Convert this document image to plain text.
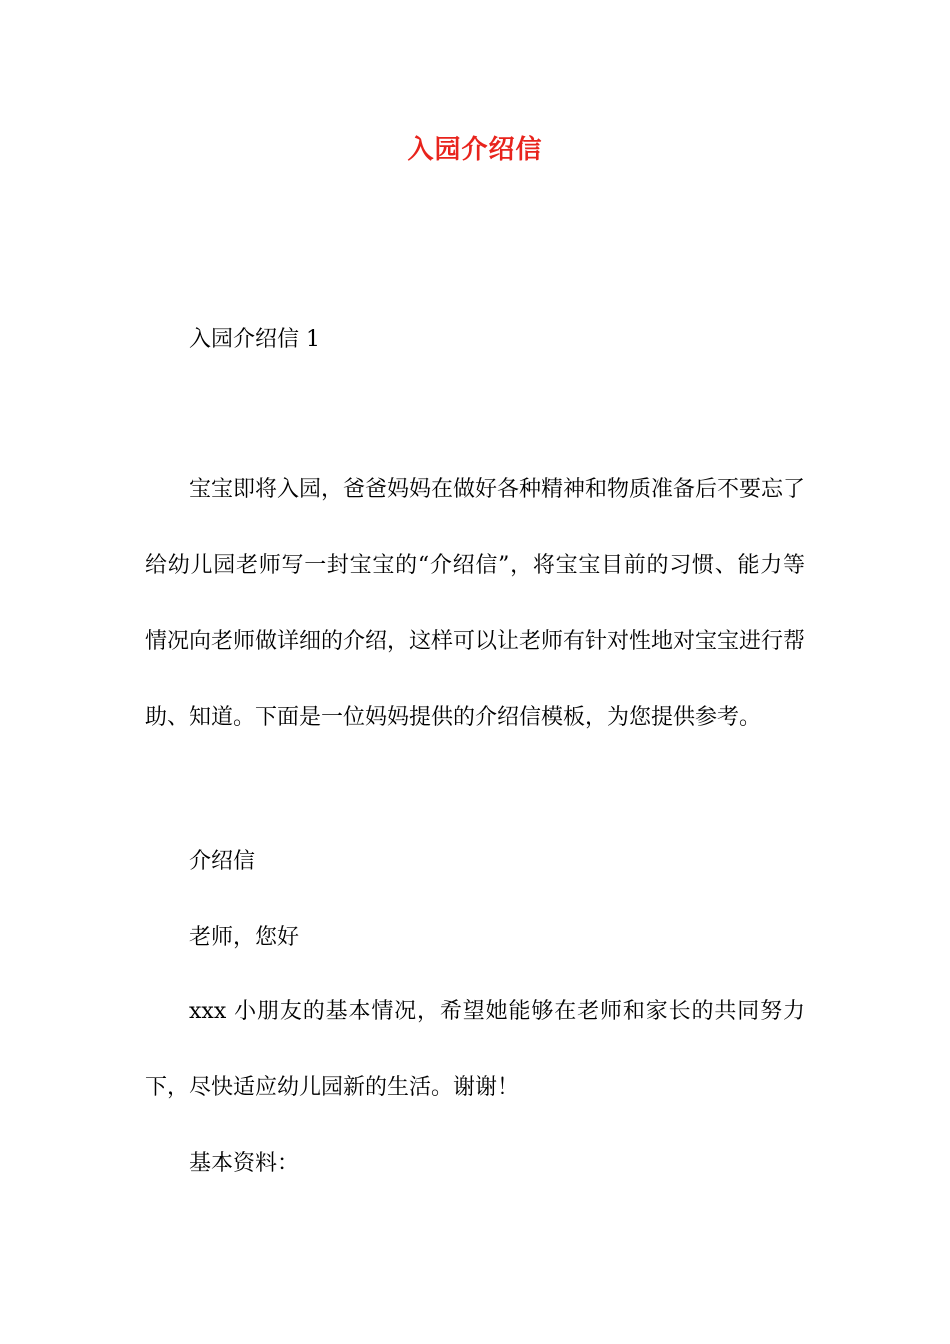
入园介绍信
入园介绍信 1

宝宝即将入园，爸爸妈妈在做好各种精神和物质准备后不要忘了给幼儿园老师写一封宝宝的“介绍信”，将宝宝目前的习惯、能力等情况向老师做详细的介绍，这样可以让老师有针对性地对宝宝进行帮助、知道。下面是一位妈妈提供的介绍信模板，为您提供参考。

介绍信
老师，您好

xxx 小朋友的基本情况，希望她能够在老师和家长的共同努力下，尽快适应幼儿园新的生活。谢谢！

基本资料：
